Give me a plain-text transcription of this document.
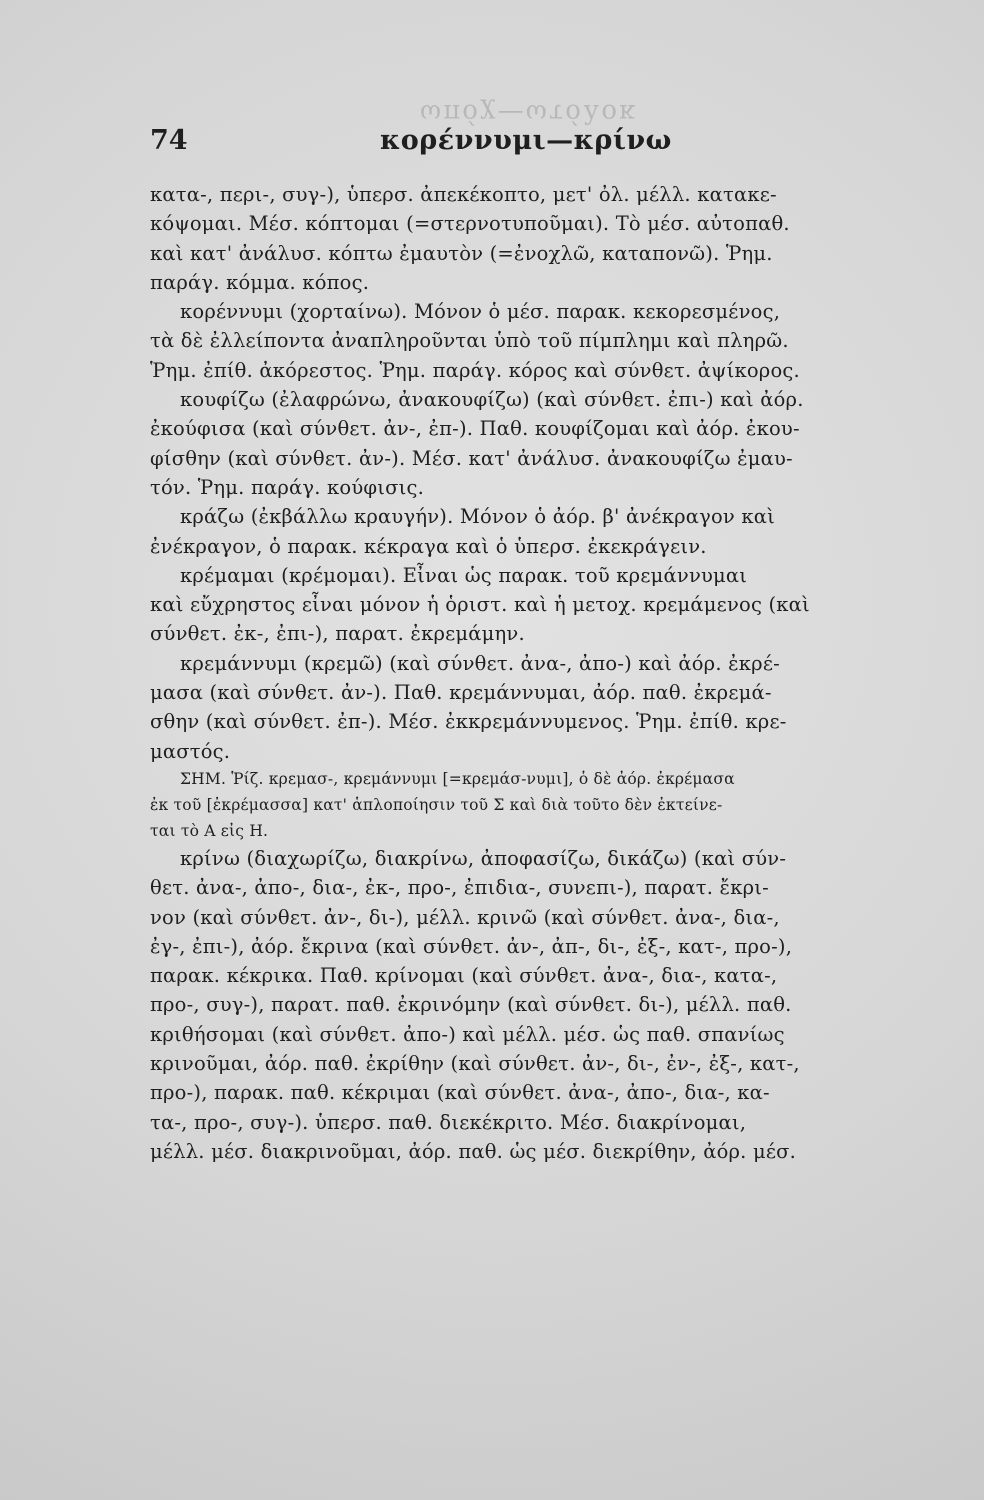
ωπόχ—ωτόλοκ
74	κορέννυμι—κρίνω
κατα-, περι-, συγ-), ὑπερσ. ἀπεκέκοπτο, μετ' ὀλ. μέλλ. κατακε-
κόψομαι. Μέσ. κόπτομαι (=στερνοτυποῦμαι). Τὸ μέσ. αὐτοπαθ.
καὶ κατ' ἀνάλυσ. κόπτω ἐμαυτὸν (=ἐνοχλῶ, καταπονῶ). Ῥημ.
παράγ. κόμμα. κόπος.
κορέννυμι (χορταίνω). Μόνον ὁ μέσ. παρακ. κεκορεσμένος,
τὰ δὲ ἐλλείποντα ἀναπληροῦνται ὑπὸ τοῦ πίμπλημι καὶ πληρῶ.
Ῥημ. ἐπίθ. ἀκόρεστος. Ῥημ. παράγ. κόρος καὶ σύνθετ. ἀψίκορος.
κουφίζω (ἐλαφρώνω, ἀνακουφίζω) (καὶ σύνθετ. ἐπι-) καὶ ἀόρ.
ἐκούφισα (καὶ σύνθετ. ἀν-, ἐπ-). Παθ. κουφίζομαι καὶ ἀόρ. ἐκου-
φίσθην (καὶ σύνθετ. ἀν-). Μέσ. κατ' ἀνάλυσ. ἀνακουφίζω ἐμαυ-
τόν. Ῥημ. παράγ. κούφισις.
κράζω (ἐκβάλλω κραυγήν). Μόνον ὁ ἀόρ. β' ἀνέκραγον καὶ
ἐνέκραγον, ὁ παρακ. κέκραγα καὶ ὁ ὑπερσ. ἐκεκράγειν.
κρέμαμαι (κρέμομαι). Εἶναι ὡς παρακ. τοῦ κρεμάννυμαι
καὶ εὔχρηστος εἶναι μόνον ἡ ὁριστ. καὶ ἡ μετοχ. κρεμάμενος (καὶ
σύνθετ. ἐκ-, ἐπι-), παρατ. ἐκρεμάμην.
κρεμάννυμι (κρεμῶ) (καὶ σύνθετ. ἀνα-, ἀπο-) καὶ ἀόρ. ἐκρέ-
μασα (καὶ σύνθετ. ἀν-). Παθ. κρεμάννυμαι, ἀόρ. παθ. ἐκρεμά-
σθην (καὶ σύνθετ. ἐπ-). Μέσ. ἐκκρεμάννυμενος. Ῥημ. ἐπίθ. κρε-
μαστός.
ΣΗΜ. Ῥίζ. κρεμασ-, κρεμάννυμι [=κρεμάσ-νυμι], ὁ δὲ ἀόρ. ἐκρέμασα
ἐκ τοῦ [ἐκρέμασσα] κατ' ἁπλοποίησιν τοῦ Σ καὶ διὰ τοῦτο δὲν ἐκτείνε-
ται τὸ Α εἰς Η.
κρίνω (διαχωρίζω, διακρίνω, ἀποφασίζω, δικάζω) (καὶ σύν-
θετ. ἀνα-, ἀπο-, δια-, ἐκ-, προ-, ἐπιδια-, συνεπι-), παρατ. ἔκρι-
νον (καὶ σύνθετ. ἀν-, δι-), μέλλ. κρινῶ (καὶ σύνθετ. ἀνα-, δια-,
ἐγ-, ἐπι-), ἀόρ. ἔκρινα (καὶ σύνθετ. ἀν-, ἀπ-, δι-, ἐξ-, κατ-, προ-),
παρακ. κέκρικα. Παθ. κρίνομαι (καὶ σύνθετ. ἀνα-, δια-, κατα-,
προ-, συγ-), παρατ. παθ. ἐκρινόμην (καὶ σύνθετ. δι-), μέλλ. παθ.
κριθήσομαι (καὶ σύνθετ. ἀπο-) καὶ μέλλ. μέσ. ὡς παθ. σπανίως
κρινοῦμαι, ἀόρ. παθ. ἐκρίθην (καὶ σύνθετ. ἀν-, δι-, ἐν-, ἐξ-, κατ-,
προ-), παρακ. παθ. κέκριμαι (καὶ σύνθετ. ἀνα-, ἀπο-, δια-, κα-
τα-, προ-, συγ-). ὑπερσ. παθ. διεκέκριτο. Μέσ. διακρίνομαι,
μέλλ. μέσ. διακρινοῦμαι, ἀόρ. παθ. ὡς μέσ. διεκρίθην, ἀόρ. μέσ.
